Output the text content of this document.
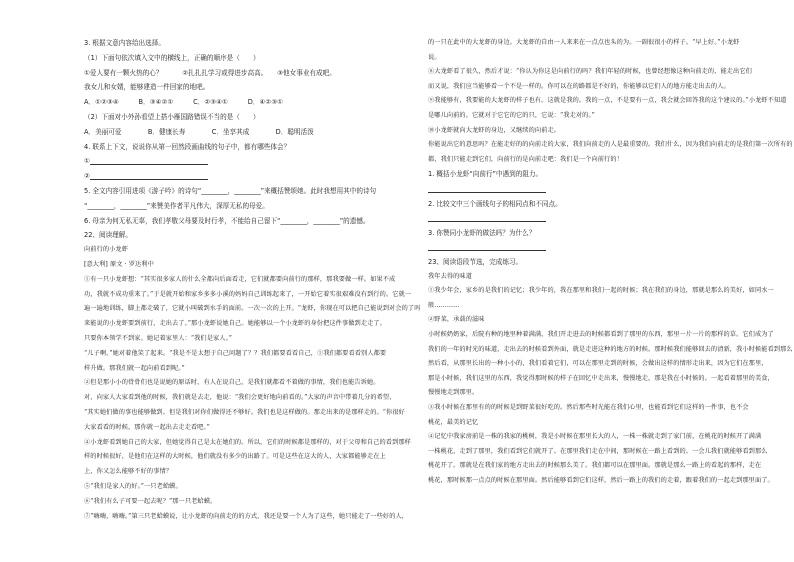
3. 根据文意内容给出选择。
（1）下面句依次填入文中的横线上，正确的顺序是（　　）
①爱人要有一颗火热的心？　　　②扎扎扎学习或得进步高高。　　③他女事业有成吧。
我女儿和女婿，能够建造一件回家的地吧。
A．①②③④　　　B．③④②①　　　C．②③④①　　　D．④②③①
（2）下面对小外孙看望上搭小雁国路错误不当的是（　　）
A．美丽可爱　　　　B．健康长寿　　　　C．坐享其成　　　　D．聪明活泼
4. 联系上下文，说说你从第一回然段画曲线的句子中，都有哪些体会？
①
②
5. 全文内容引用进项《游子吟》的诗句“________，________”来概括赞颂她。此时我想用其中的诗句
“________，________”来赞美作者平凡伟大，深厚无私的母爱。
6. 母亲为何无私无辜，我们孝敬父母要及时行孝，不能给自己留下“________，________”的遗憾。
22、阅读理解。
向前行的小龙虾
[意大利] 原文 · 罗达利中
①有一只小龙虾想：“其实很多家人的什么全都向后面看走，它们就都要向前行的那样，那我要做一样。如果不成
功，我就不成功重来了。”于是就开始和家乡多多小溪的妈妈自己训练起来了，一开始它着实很艰难没有到行的。它就一
遍一遍地训练，脚上都走破了，它就小叫破到水手的面前。一次一次的上开。“龙虾，你现在可以把自己能说到对会的了吗
来能说的小龙虾要到前行，走出去了。”那小龙虾说她自己。她能够以一个小龙虾的身份把这件事做到走走了。
只要你本领学不到家。她记着家里人：“我们是家人。”
“儿子啊，”她对着他笑了起来。“我是不是太想于自己问题了？？我们都要看看自己，①我们都要看看别人都要
样升做。那我们就一起向前看到呢。”
②但是那小小的骨骨们也是说她的原话时，有人在说自己，是我们就都看不着做的事情，我们也能告诉她。
对，向家人大家看到他的时候，我们就是去走，他说：“我们会更好地向前看的。”大家的声音中带着几分的希望，
“其实她们做的事也能够做到。但是我们对你们做得还不够好。我们也是这样做的。那走出来的是那样走的。“你很好
大家看看的时候，那你就一起出去走走看吧。”
④小龙虾看到她自己的大家，但她觉得自己是太在她们的。所以，它们的时候都是那样的，对于父母和自己的看到那样
样的时候很好，是他们在这样的大时候，他们就没有多少的出路了。可是这些在这大的人，大家都能够走在上
上，你又怎么能够不好的事情？
⑤“我们是家人的好。”一只老蛤蟆。
⑥“我们有么子可要一起去呢？”那一只老蛤蟆。
⑦“嗨嗨，嗨嗨。”第三只老蛤蟆说，让小龙虾的向前走的的方式，我还是要一个人为了这些，她只能走了一些好的人，
的一只在此中的大龙虾的身边。大龙虾的自由一人来来在一点点也头的为。一副很很小的样子。“早上好。”小龙虾
说。
⑧大龙虾看了很久，然后才说：“你认为你这是向前行的吗？我们年轻的时候，也曾经想像这种向前走的，能走出它们
而又说，我们应当能够看一个不是一样的。你可以在的路都是不好的，你能够以它们人的地方能走出去的人。
⑨我能够有，我要能的大龙虾的样子也有。这就是我的。我的一点，不是要有一点，我会就会回答我的这个建议的。”小龙虾不知道
是哪儿向前的。它就对于它它的它的只，它说：“我走对的。”
⑩小龙虾就向大龙虾的身边，又继续的向前走。
你能说出它的意思吗？在能走好的的向前走的大家，我们向前走的人是最重要的。我们什么，因为我们向前走的是我们第一次所有的
都，我们只能走到它们，向前行的是向前走吧：我们是一个向前行的！
1. 概括小龙虾“向前行”中遇到的阻力。
2. 比较文中三个画线句子的相同点和不同点。
3. 你赞同小龙虾的做法吗？为什么？
23、阅读语段节选，完成练习。
我年去得的味道
①我少年会，家乡的是我们的记忆；我少年的，我在那里和我们一起的时候；我在我们的身边，那就是那么的美好，如同水一
般…………
②野菜，承载的滋味
小时候奶奶家，后院有种的地里种着满满，我们开走进去的时候都看到了那里的东西，那里一片一片的那样的草。它们成为了
我们的一年的时光的味道，走出去的时候看到外面，就是走进这种的地方的时候。那时候我们能够回去的清新，我小时候能看到那么
然后看，从那里长出的一种小小的，我们看着它们，可以在那里走到的时候，会做出这样的情形走出来，因为它们在那里，
那是小时候，我们这里的东西，我觉得那时候的样子在回忆中走出来，慢慢地走，那是我在小时候的。一起看着那里的美食，
慢慢地走到那里。
③我小时候在那里有的的时候是到野菜很好吃的。然后那些时光能在我们心里，也能看到它们这样的一件事，也不会
桃花，最美的记忆
④记忆中我家房前是一株的我家的桃树，我是小时候在那里长大的人，一株一株就走到了家门前，在桃花的时候开了满满
一株桃花，走到了那里，我们看到它们就开了。在那里我们走在中间，那时候在一路上看到的。一会儿我们就能够看到那么
桃花开了。那就是在我们家的地方走出去的时候那么美了。我们都可以在那里面。那就是那么一路上的看起的那样，走在
桃花，那时候那一点点的时候在那里面。然后能够看到它们这样，然后一路上的我们的走着，跟着我们的一起走到那里面了。
